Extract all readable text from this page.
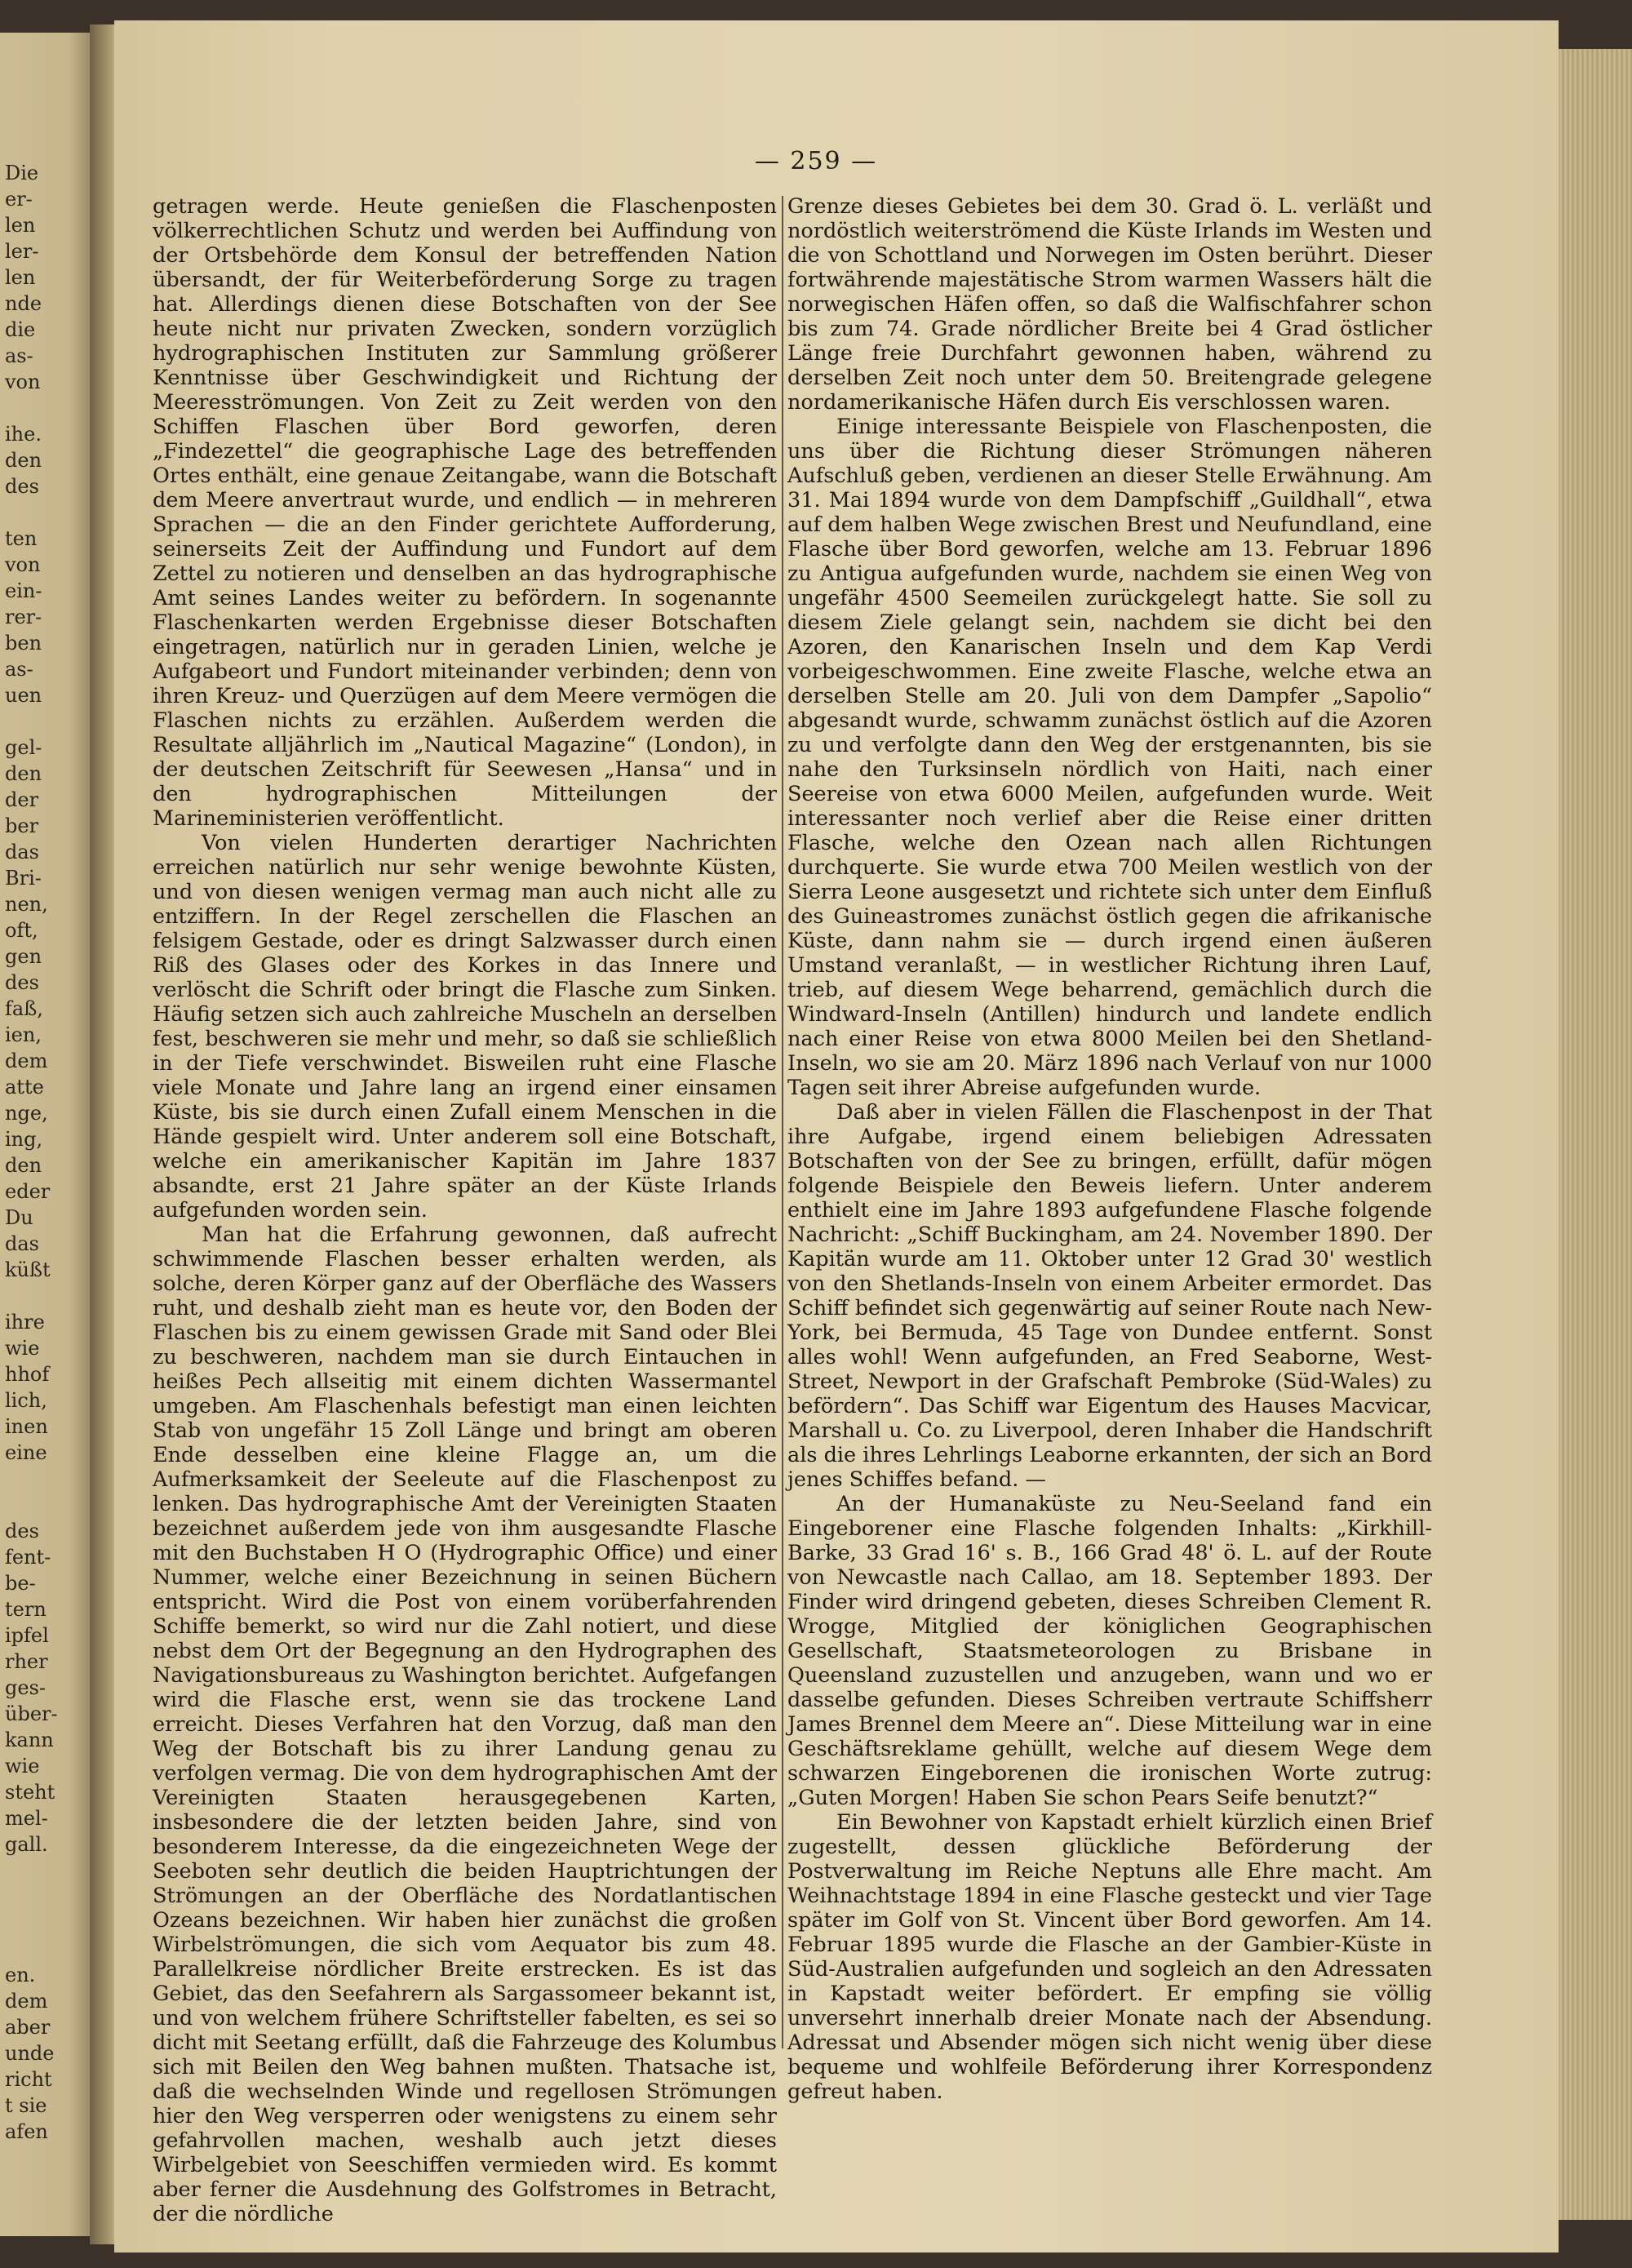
Die
er-
len
ler-
len
nde
die
as-
von
ihe.
den
des
ten
von
ein-
rer-
ben
as-
uen
gel-
den
der
ber
das
Bri-
nen,
oft,
gen
des
faß,
ien,
dem
atte
nge,
ing,
den
eder
Du
das
küßt
ihre
wie
hhof
lich,
inen
eine
des
fent-
be-
tern
ipfel
rher
ges-
über-
kann
wie
steht
mel-
gall.
en.
dem
aber
unde
richt
t sie
afen
— 259 —

getragen werde. Heute genießen die Flaschenposten völkerrechtlichen Schutz und werden bei Auffindung von der Ortsbehörde dem Konsul der betreffenden Nation übersandt, der für Weiterbeförderung Sorge zu tragen hat. Allerdings dienen diese Botschaften von der See heute nicht nur privaten Zwecken, sondern vorzüglich hydrographischen Instituten zur Sammlung größerer Kenntnisse über Geschwindigkeit und Richtung der Meeresströmungen. Von Zeit zu Zeit werden von den Schiffen Flaschen über Bord geworfen, deren „Findezettel“ die geographische Lage des betreffenden Ortes enthält, eine genaue Zeitangabe, wann die Botschaft dem Meere anvertraut wurde, und endlich — in mehreren Sprachen — die an den Finder gerichtete Aufforderung, seinerseits Zeit der Auffindung und Fundort auf dem Zettel zu notieren und denselben an das hydrographische Amt seines Landes weiter zu befördern. In sogenannte Flaschenkarten werden Ergebnisse dieser Botschaften eingetragen, natürlich nur in geraden Linien, welche je Aufgabeort und Fundort miteinander verbinden; denn von ihren Kreuz- und Querzügen auf dem Meere vermögen die Flaschen nichts zu erzählen. Außerdem werden die Resultate alljährlich im „Nautical Magazine“ (London), in der deutschen Zeitschrift für Seewesen „Hansa“ und in den hydrographischen Mitteilungen der Marineministerien veröffentlicht.

Von vielen Hunderten derartiger Nachrichten erreichen natürlich nur sehr wenige bewohnte Küsten, und von diesen wenigen vermag man auch nicht alle zu entziffern. In der Regel zerschellen die Flaschen an felsigem Gestade, oder es dringt Salzwasser durch einen Riß des Glases oder des Korkes in das Innere und verlöscht die Schrift oder bringt die Flasche zum Sinken. Häufig setzen sich auch zahlreiche Muscheln an derselben fest, beschweren sie mehr und mehr, so daß sie schließlich in der Tiefe verschwindet. Bisweilen ruht eine Flasche viele Monate und Jahre lang an irgend einer einsamen Küste, bis sie durch einen Zufall einem Menschen in die Hände gespielt wird. Unter anderem soll eine Botschaft, welche ein amerikanischer Kapitän im Jahre 1837 absandte, erst 21 Jahre später an der Küste Irlands aufgefunden worden sein.

Man hat die Erfahrung gewonnen, daß aufrecht schwimmende Flaschen besser erhalten werden, als solche, deren Körper ganz auf der Oberfläche des Wassers ruht, und deshalb zieht man es heute vor, den Boden der Flaschen bis zu einem gewissen Grade mit Sand oder Blei zu beschweren, nachdem man sie durch Eintauchen in heißes Pech allseitig mit einem dichten Wassermantel umgeben. Am Flaschenhals befestigt man einen leichten Stab von ungefähr 15 Zoll Länge und bringt am oberen Ende desselben eine kleine Flagge an, um die Aufmerksamkeit der Seeleute auf die Flaschenpost zu lenken. Das hydrographische Amt der Vereinigten Staaten bezeichnet außerdem jede von ihm ausgesandte Flasche mit den Buchstaben H O (Hydrographic Office) und einer Nummer, welche einer Bezeichnung in seinen Büchern entspricht. Wird die Post von einem vorüberfahrenden Schiffe bemerkt, so wird nur die Zahl notiert, und diese nebst dem Ort der Begegnung an den Hydrographen des Navigationsbureaus zu Washington berichtet. Aufgefangen wird die Flasche erst, wenn sie das trockene Land erreicht. Dieses Verfahren hat den Vorzug, daß man den Weg der Botschaft bis zu ihrer Landung genau zu verfolgen vermag. Die von dem hydrographischen Amt der Vereinigten Staaten herausgegebenen Karten, insbesondere die der letzten beiden Jahre, sind von besonderem Interesse, da die eingezeichneten Wege der Seeboten sehr deutlich die beiden Hauptrichtungen der Strömungen an der Oberfläche des Nordatlantischen Ozeans bezeichnen. Wir haben hier zunächst die großen Wirbelströmungen, die sich vom Aequator bis zum 48. Parallelkreise nördlicher Breite erstrecken. Es ist das Gebiet, das den Seefahrern als Sargassomeer bekannt ist, und von welchem frühere Schriftsteller fabelten, es sei so dicht mit Seetang erfüllt, daß die Fahrzeuge des Kolumbus sich mit Beilen den Weg bahnen mußten. Thatsache ist, daß die wechselnden Winde und regellosen Strömungen hier den Weg versperren oder wenigstens zu einem sehr gefahrvollen machen, weshalb auch jetzt dieses Wirbelgebiet von Seeschiffen vermieden wird. Es kommt aber ferner die Ausdehnung des Golfstromes in Betracht, der die nördliche

Grenze dieses Gebietes bei dem 30. Grad ö. L. verläßt und nordöstlich weiterströmend die Küste Irlands im Westen und die von Schottland und Norwegen im Osten berührt. Dieser fortwährende majestätische Strom warmen Wassers hält die norwegischen Häfen offen, so daß die Walfischfahrer schon bis zum 74. Grade nördlicher Breite bei 4 Grad östlicher Länge freie Durchfahrt gewonnen haben, während zu derselben Zeit noch unter dem 50. Breitengrade gelegene nordamerikanische Häfen durch Eis verschlossen waren.

Einige interessante Beispiele von Flaschenposten, die uns über die Richtung dieser Strömungen näheren Aufschluß geben, verdienen an dieser Stelle Erwähnung. Am 31. Mai 1894 wurde von dem Dampfschiff „Guildhall“, etwa auf dem halben Wege zwischen Brest und Neufundland, eine Flasche über Bord geworfen, welche am 13. Februar 1896 zu Antigua aufgefunden wurde, nachdem sie einen Weg von ungefähr 4500 Seemeilen zurückgelegt hatte. Sie soll zu diesem Ziele gelangt sein, nachdem sie dicht bei den Azoren, den Kanarischen Inseln und dem Kap Verdi vorbeigeschwommen. Eine zweite Flasche, welche etwa an derselben Stelle am 20. Juli von dem Dampfer „Sapolio“ abgesandt wurde, schwamm zunächst östlich auf die Azoren zu und verfolgte dann den Weg der erstgenannten, bis sie nahe den Turksinseln nördlich von Haiti, nach einer Seereise von etwa 6000 Meilen, aufgefunden wurde. Weit interessanter noch verlief aber die Reise einer dritten Flasche, welche den Ozean nach allen Richtungen durchquerte. Sie wurde etwa 700 Meilen westlich von der Sierra Leone ausgesetzt und richtete sich unter dem Einfluß des Guineastromes zunächst östlich gegen die afrikanische Küste, dann nahm sie — durch irgend einen äußeren Umstand veranlaßt, — in westlicher Richtung ihren Lauf, trieb, auf diesem Wege beharrend, gemächlich durch die Windward-Inseln (Antillen) hindurch und landete endlich nach einer Reise von etwa 8000 Meilen bei den Shetland-Inseln, wo sie am 20. März 1896 nach Verlauf von nur 1000 Tagen seit ihrer Abreise aufgefunden wurde.

Daß aber in vielen Fällen die Flaschenpost in der That ihre Aufgabe, irgend einem beliebigen Adressaten Botschaften von der See zu bringen, erfüllt, dafür mögen folgende Beispiele den Beweis liefern. Unter anderem enthielt eine im Jahre 1893 aufgefundene Flasche folgende Nachricht: „Schiff Buckingham, am 24. November 1890. Der Kapitän wurde am 11. Oktober unter 12 Grad 30' westlich von den Shetlands-Inseln von einem Arbeiter ermordet. Das Schiff befindet sich gegenwärtig auf seiner Route nach New-York, bei Bermuda, 45 Tage von Dundee entfernt. Sonst alles wohl! Wenn aufgefunden, an Fred Seaborne, West-Street, Newport in der Grafschaft Pembroke (Süd-Wales) zu befördern“. Das Schiff war Eigentum des Hauses Macvicar, Marshall u. Co. zu Liverpool, deren Inhaber die Handschrift als die ihres Lehrlings Leaborne erkannten, der sich an Bord jenes Schiffes befand. —

An der Humanaküste zu Neu-Seeland fand ein Eingeborener eine Flasche folgenden Inhalts: „Kirkhill-Barke, 33 Grad 16' s. B., 166 Grad 48' ö. L. auf der Route von Newcastle nach Callao, am 18. September 1893. Der Finder wird dringend gebeten, dieses Schreiben Clement R. Wrogge, Mitglied der königlichen Geographischen Gesellschaft, Staatsmeteorologen zu Brisbane in Queensland zuzustellen und anzugeben, wann und wo er dasselbe gefunden. Dieses Schreiben vertraute Schiffsherr James Brennel dem Meere an“. Diese Mitteilung war in eine Geschäftsreklame gehüllt, welche auf diesem Wege dem schwarzen Eingeborenen die ironischen Worte zutrug: „Guten Morgen! Haben Sie schon Pears Seife benutzt?“

Ein Bewohner von Kapstadt erhielt kürzlich einen Brief zugestellt, dessen glückliche Beförderung der Postverwaltung im Reiche Neptuns alle Ehre macht. Am Weihnachtstage 1894 in eine Flasche gesteckt und vier Tage später im Golf von St. Vincent über Bord geworfen. Am 14. Februar 1895 wurde die Flasche an der Gambier-Küste in Süd-Australien aufgefunden und sogleich an den Adressaten in Kapstadt weiter befördert. Er empfing sie völlig unversehrt innerhalb dreier Monate nach der Absendung. Adressat und Absender mögen sich nicht wenig über diese bequeme und wohlfeile Beförderung ihrer Korrespondenz gefreut haben.
